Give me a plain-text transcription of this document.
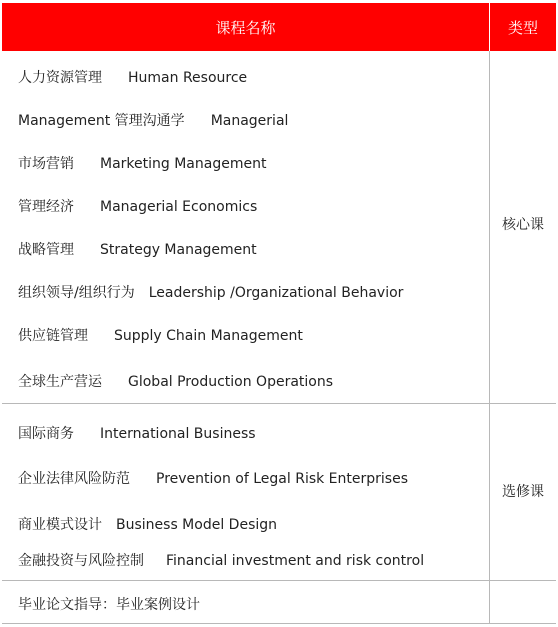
课程名称	类型
人力资源管理 Human Resource
Management 管理沟通学 Managerial
市场营销 Marketing Management
管理经济 Managerial Economics
战略管理 Strategy Management
组织领导/组织行为 Leadership /Organizational Behavior
供应链管理 Supply Chain Management
全球生产营运 Global Production Operations
核心课
国际商务 International Business
企业法律风险防范 Prevention of Legal Risk Enterprises
商业模式设计 Business Model Design
金融投资与风险控制 Financial investment and risk control
选修课
毕业论文指导：毕业案例设计
